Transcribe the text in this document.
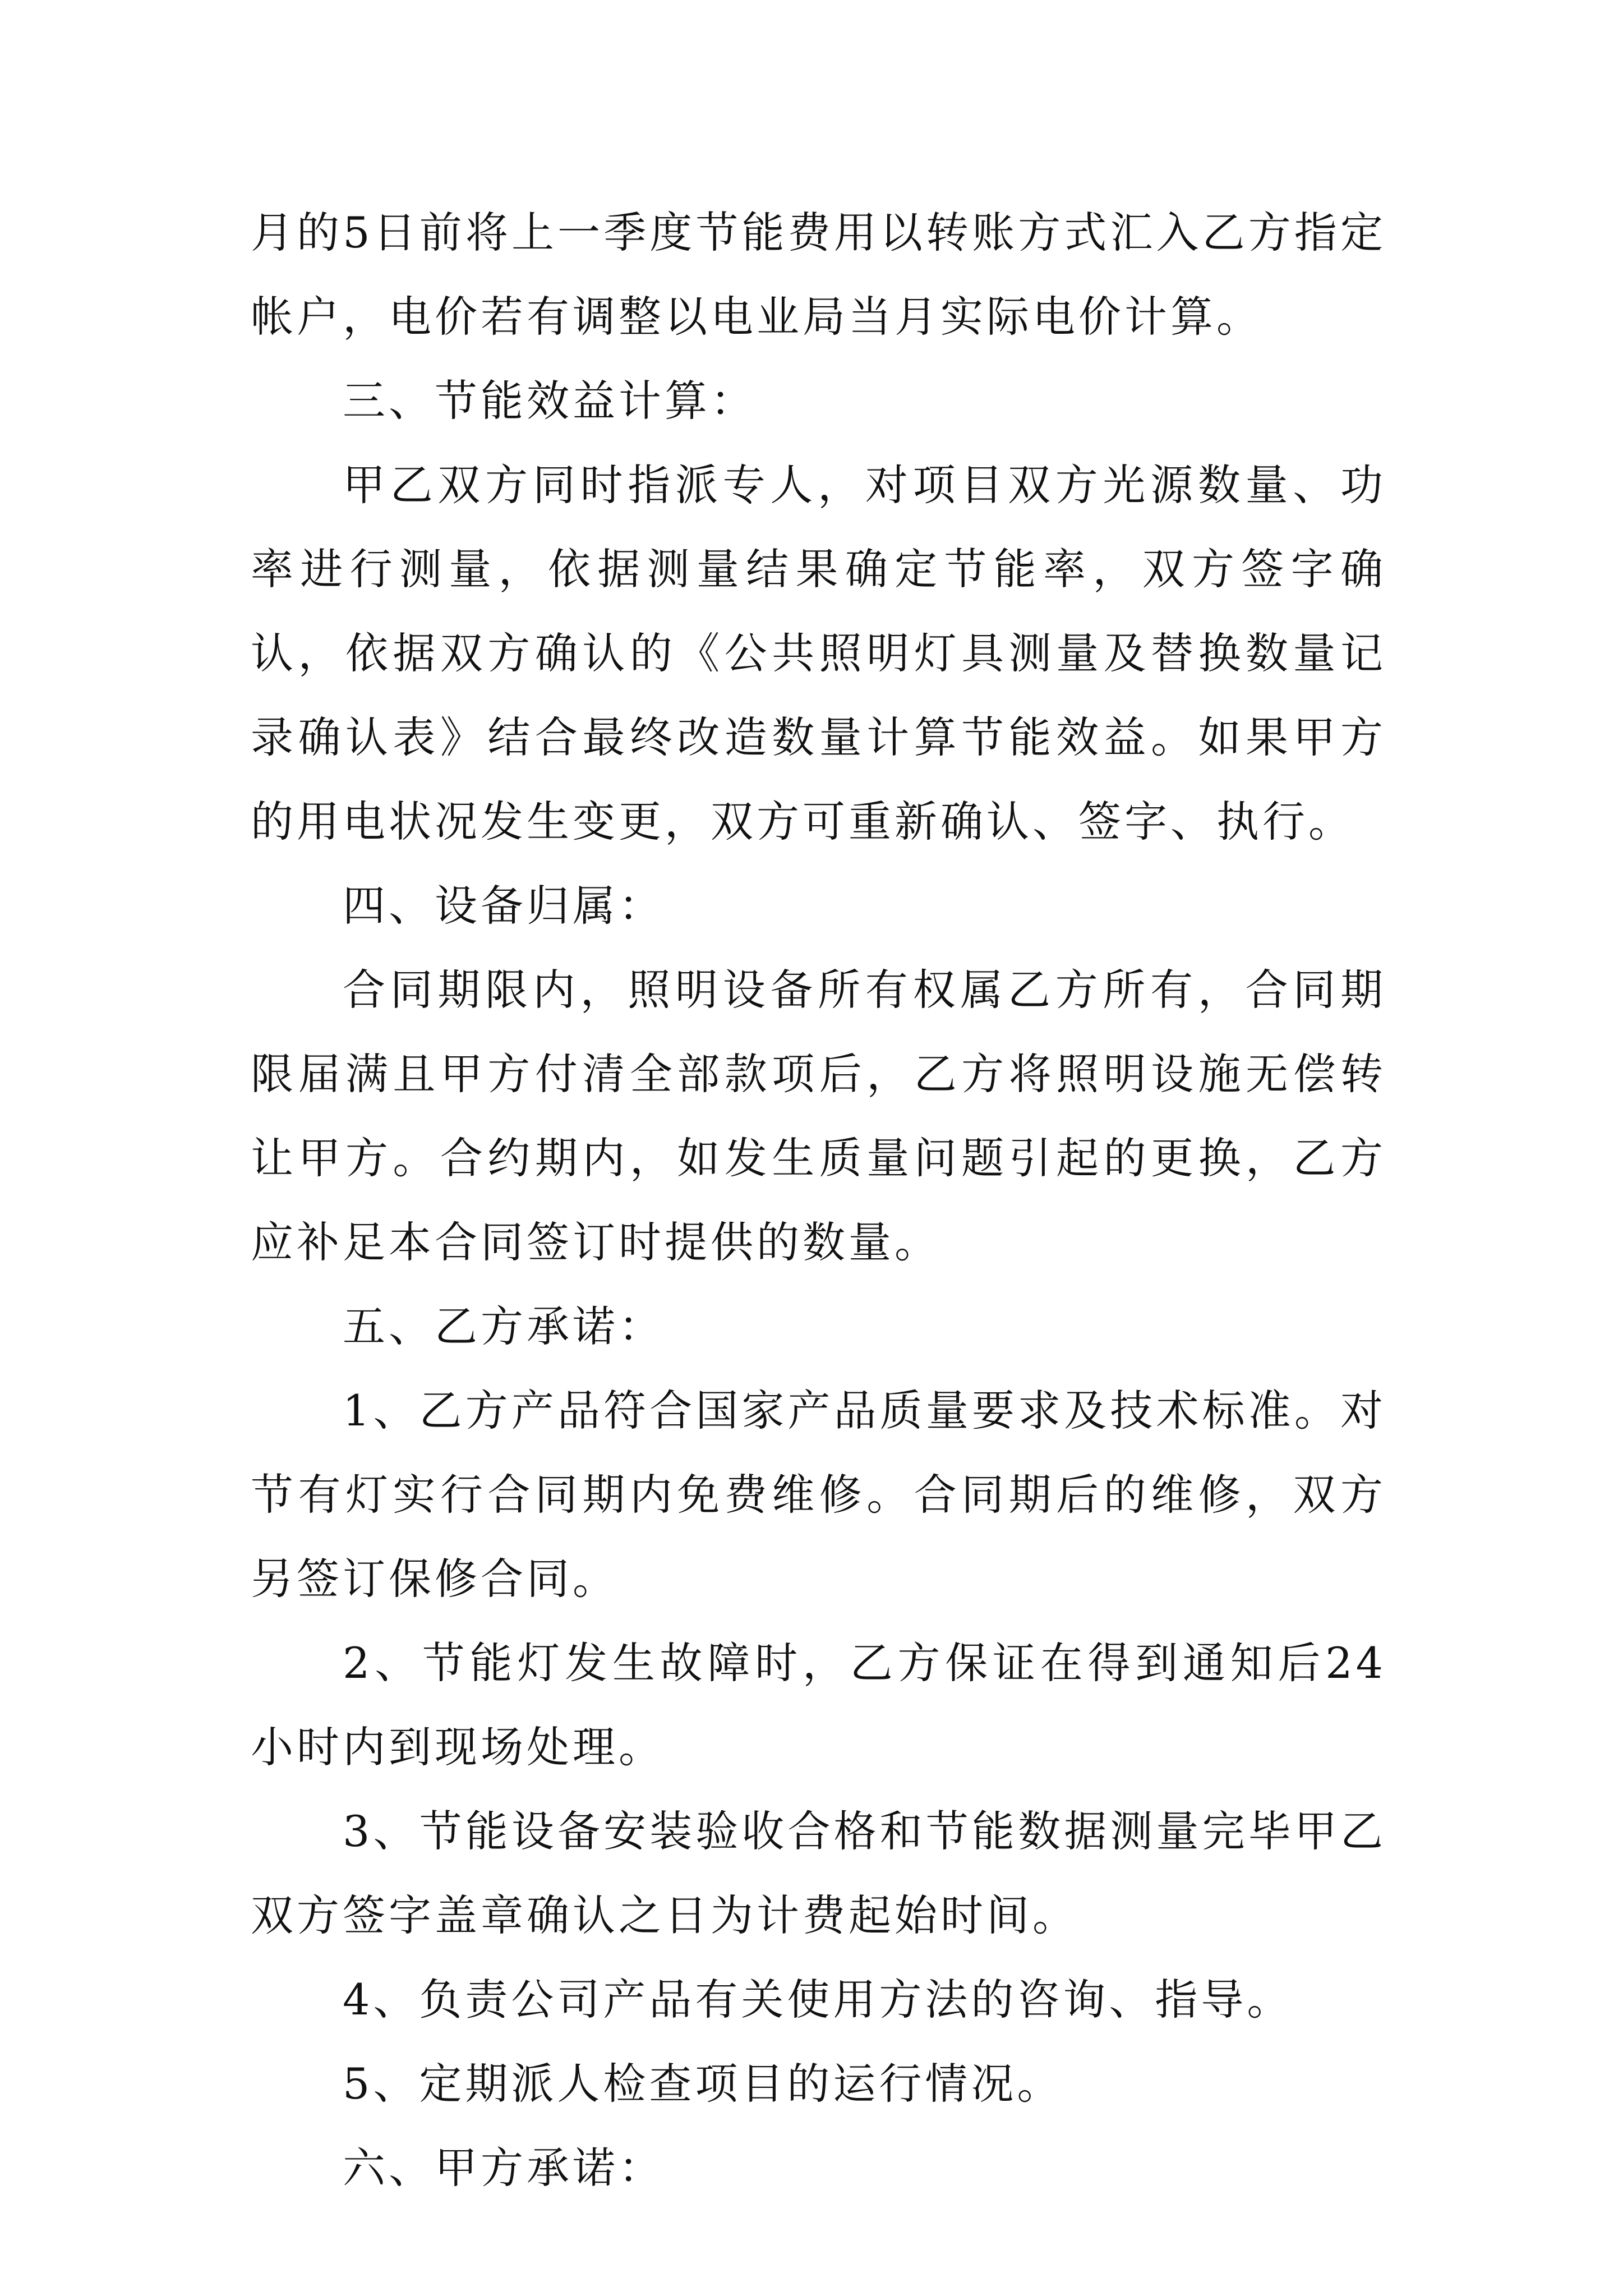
月的5日前将上一季度节能费用以转账方式汇入乙方指定帐户，电价若有调整以电业局当月实际电价计算。

三、节能效益计算：

甲乙双方同时指派专人，对项目双方光源数量、功率进行测量，依据测量结果确定节能率，双方签字确认，依据双方确认的《公共照明灯具测量及替换数量记录确认表》结合最终改造数量计算节能效益。如果甲方的用电状况发生变更，双方可重新确认、签字、执行。

四、设备归属：

合同期限内，照明设备所有权属乙方所有，合同期限届满且甲方付清全部款项后，乙方将照明设施无偿转让甲方。合约期内，如发生质量问题引起的更换，乙方应补足本合同签订时提供的数量。

五、乙方承诺：

1、乙方产品符合国家产品质量要求及技术标准。对节有灯实行合同期内免费维修。合同期后的维修，双方另签订保修合同。

2、节能灯发生故障时，乙方保证在得到通知后24小时内到现场处理。

3、节能设备安装验收合格和节能数据测量完毕甲乙双方签字盖章确认之日为计费起始时间。

4、负责公司产品有关使用方法的咨询、指导。

5、定期派人检查项目的运行情况。

六、甲方承诺：
